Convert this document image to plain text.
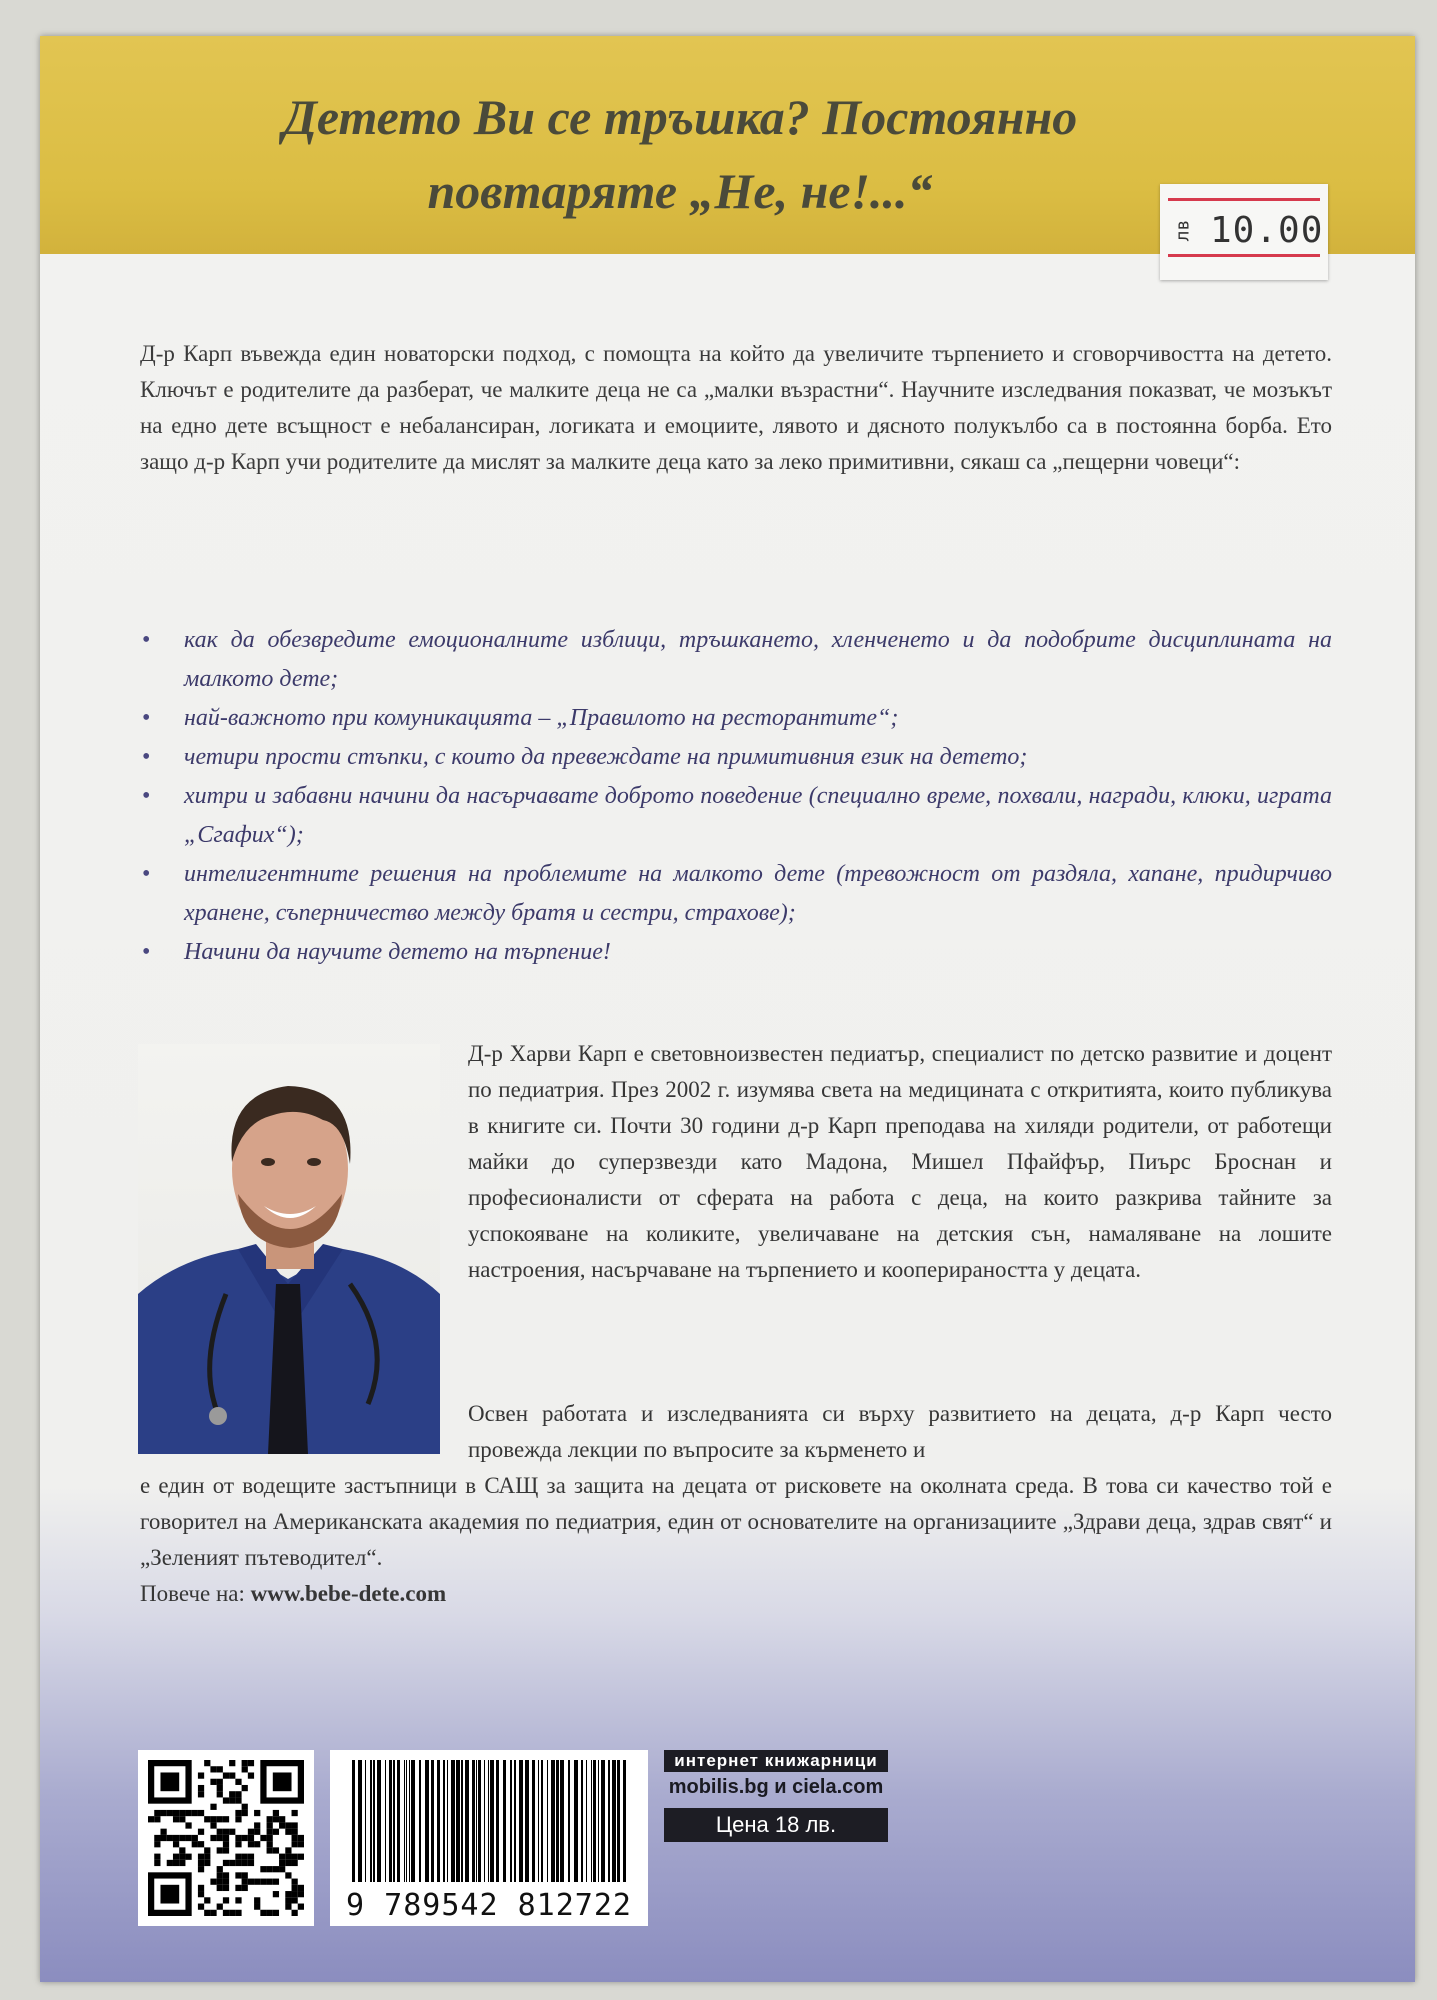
Детето Ви се тръшка? Постоянно
повтаряте „Не, не!...“
лв 10.00

Д-р Карп въвежда един новаторски подход, с помощта на който да увеличите търпението и сговорчивостта на детето. Ключът е родителите да разберат, че малките деца не са „малки възрастни“. Научните изследвания показват, че мозъкът на едно дете всъщност е небалансиран, логиката и емоциите, лявото и дясното полукълбо са в постоянна борба. Ето защо д-р Карп учи родителите да мислят за малките деца като за леко примитивни, сякаш са „пещерни човеци“:

• как да обезвредите емоционалните изблици, тръшкането, хленченето и да подобрите дисциплината на малкото дете;
• най-важното при комуникацията – „Правилото на ресторантите“;
• четири прости стъпки, с които да превеждате на примитивния език на детето;
• хитри и забавни начини да насърчавате доброто поведение (специално време, похвали, награди, клюки, играта „Сгафих“);
• интелигентните решения на проблемите на малкото дете (тревожност от раздяла, хапане, придирчиво хранене, съперничество между братя и сестри, страхове);
• Начини да научите детето на търпение!

Д-р Харви Карп е световноизвестен педиатър, специалист по детско развитие и доцент по педиатрия. През 2002 г. изумява света на медицината с откритията, които публикува в книгите си. Почти 30 години д-р Карп преподава на хиляди родители, от работещи майки до суперзвезди като Мадона, Мишел Пфайфър, Пиърс Броснан и професионалисти от сферата на работа с деца, на които разкрива тайните за успокояване на коликите, увеличаване на детския сън, намаляване на лошите настроения, насърчаване на търпението и кооперираността у децата.

Освен работата и изследванията си върху развитието на децата, д-р Карп често провежда лекции по въпросите за кърменето и

е един от водещите застъпници в САЩ за защита на децата от рисковете на околната среда. В това си качество той е говорител на Американската академия по педиатрия, един от основателите на организациите „Здрави деца, здрав свят“ и „Зеленият пътеводител“.

Повече на: www.bebe-dete.com
9 789542 812722
интернет книжарници
mobilis.bg и ciela.com
Цена 18 лв.
